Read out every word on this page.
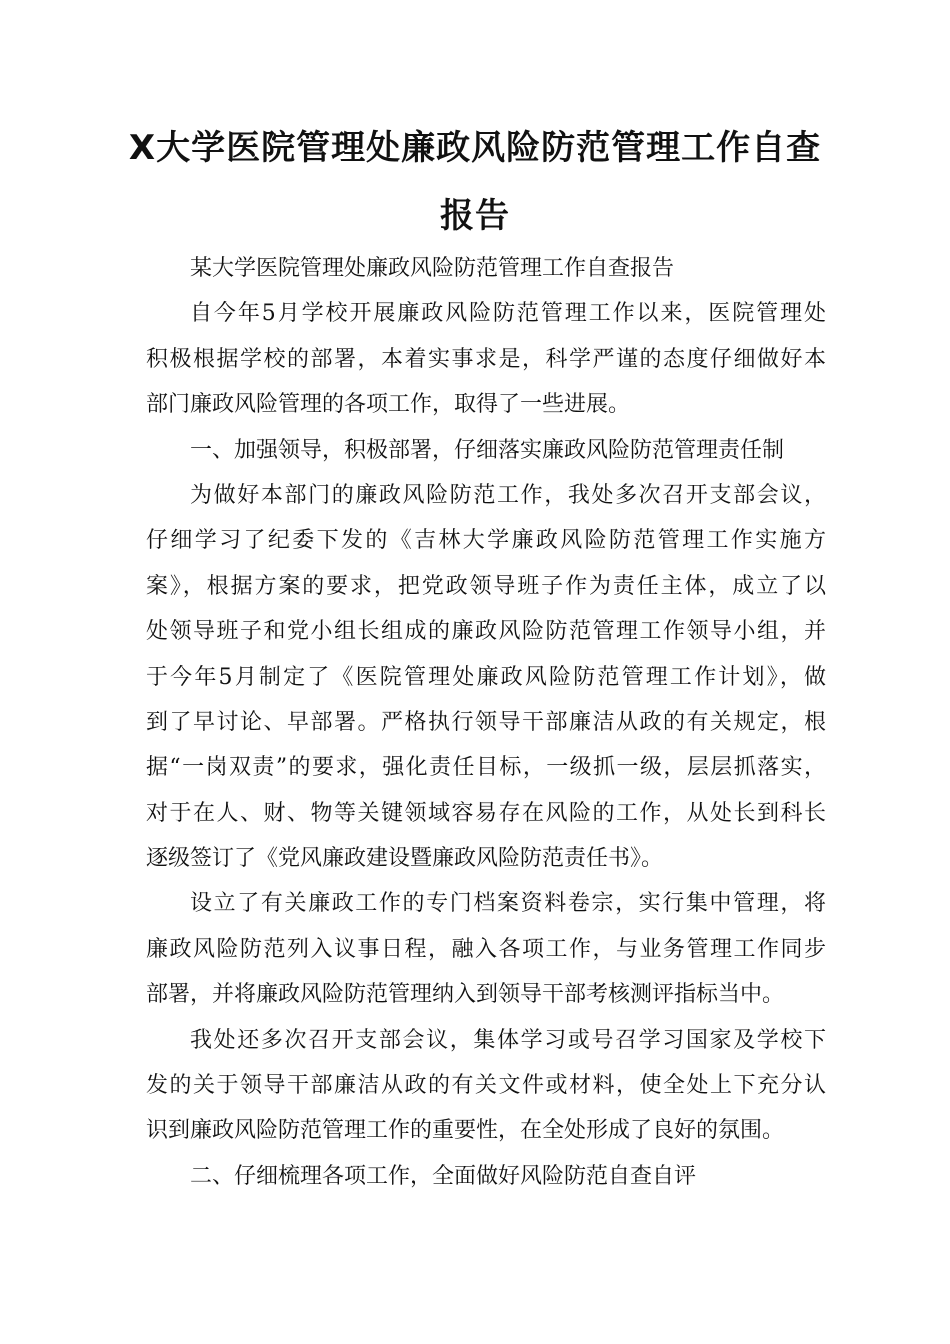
X大学医院管理处廉政风险防范管理工作自查
报告
某大学医院管理处廉政风险防范管理工作自查报告
自今年5月学校开展廉政风险防范管理工作以来，医院管理处
积极根据学校的部署，本着实事求是，科学严谨的态度仔细做好本
部门廉政风险管理的各项工作，取得了一些进展。
一、加强领导，积极部署，仔细落实廉政风险防范管理责任制
为做好本部门的廉政风险防范工作，我处多次召开支部会议，
仔细学习了纪委下发的《吉林大学廉政风险防范管理工作实施方
案》，根据方案的要求，把党政领导班子作为责任主体，成立了以
处领导班子和党小组长组成的廉政风险防范管理工作领导小组，并
于今年5月制定了《医院管理处廉政风险防范管理工作计划》，做
到了早讨论、早部署。严格执行领导干部廉洁从政的有关规定，根
据“一岗双责”的要求，强化责任目标，一级抓一级，层层抓落实，
对于在人、财、物等关键领域容易存在风险的工作，从处长到科长
逐级签订了《党风廉政建设暨廉政风险防范责任书》。
设立了有关廉政工作的专门档案资料卷宗，实行集中管理，将
廉政风险防范列入议事日程，融入各项工作，与业务管理工作同步
部署，并将廉政风险防范管理纳入到领导干部考核测评指标当中。
我处还多次召开支部会议，集体学习或号召学习国家及学校下
发的关于领导干部廉洁从政的有关文件或材料，使全处上下充分认
识到廉政风险防范管理工作的重要性，在全处形成了良好的氛围。
二、仔细梳理各项工作，全面做好风险防范自查自评
